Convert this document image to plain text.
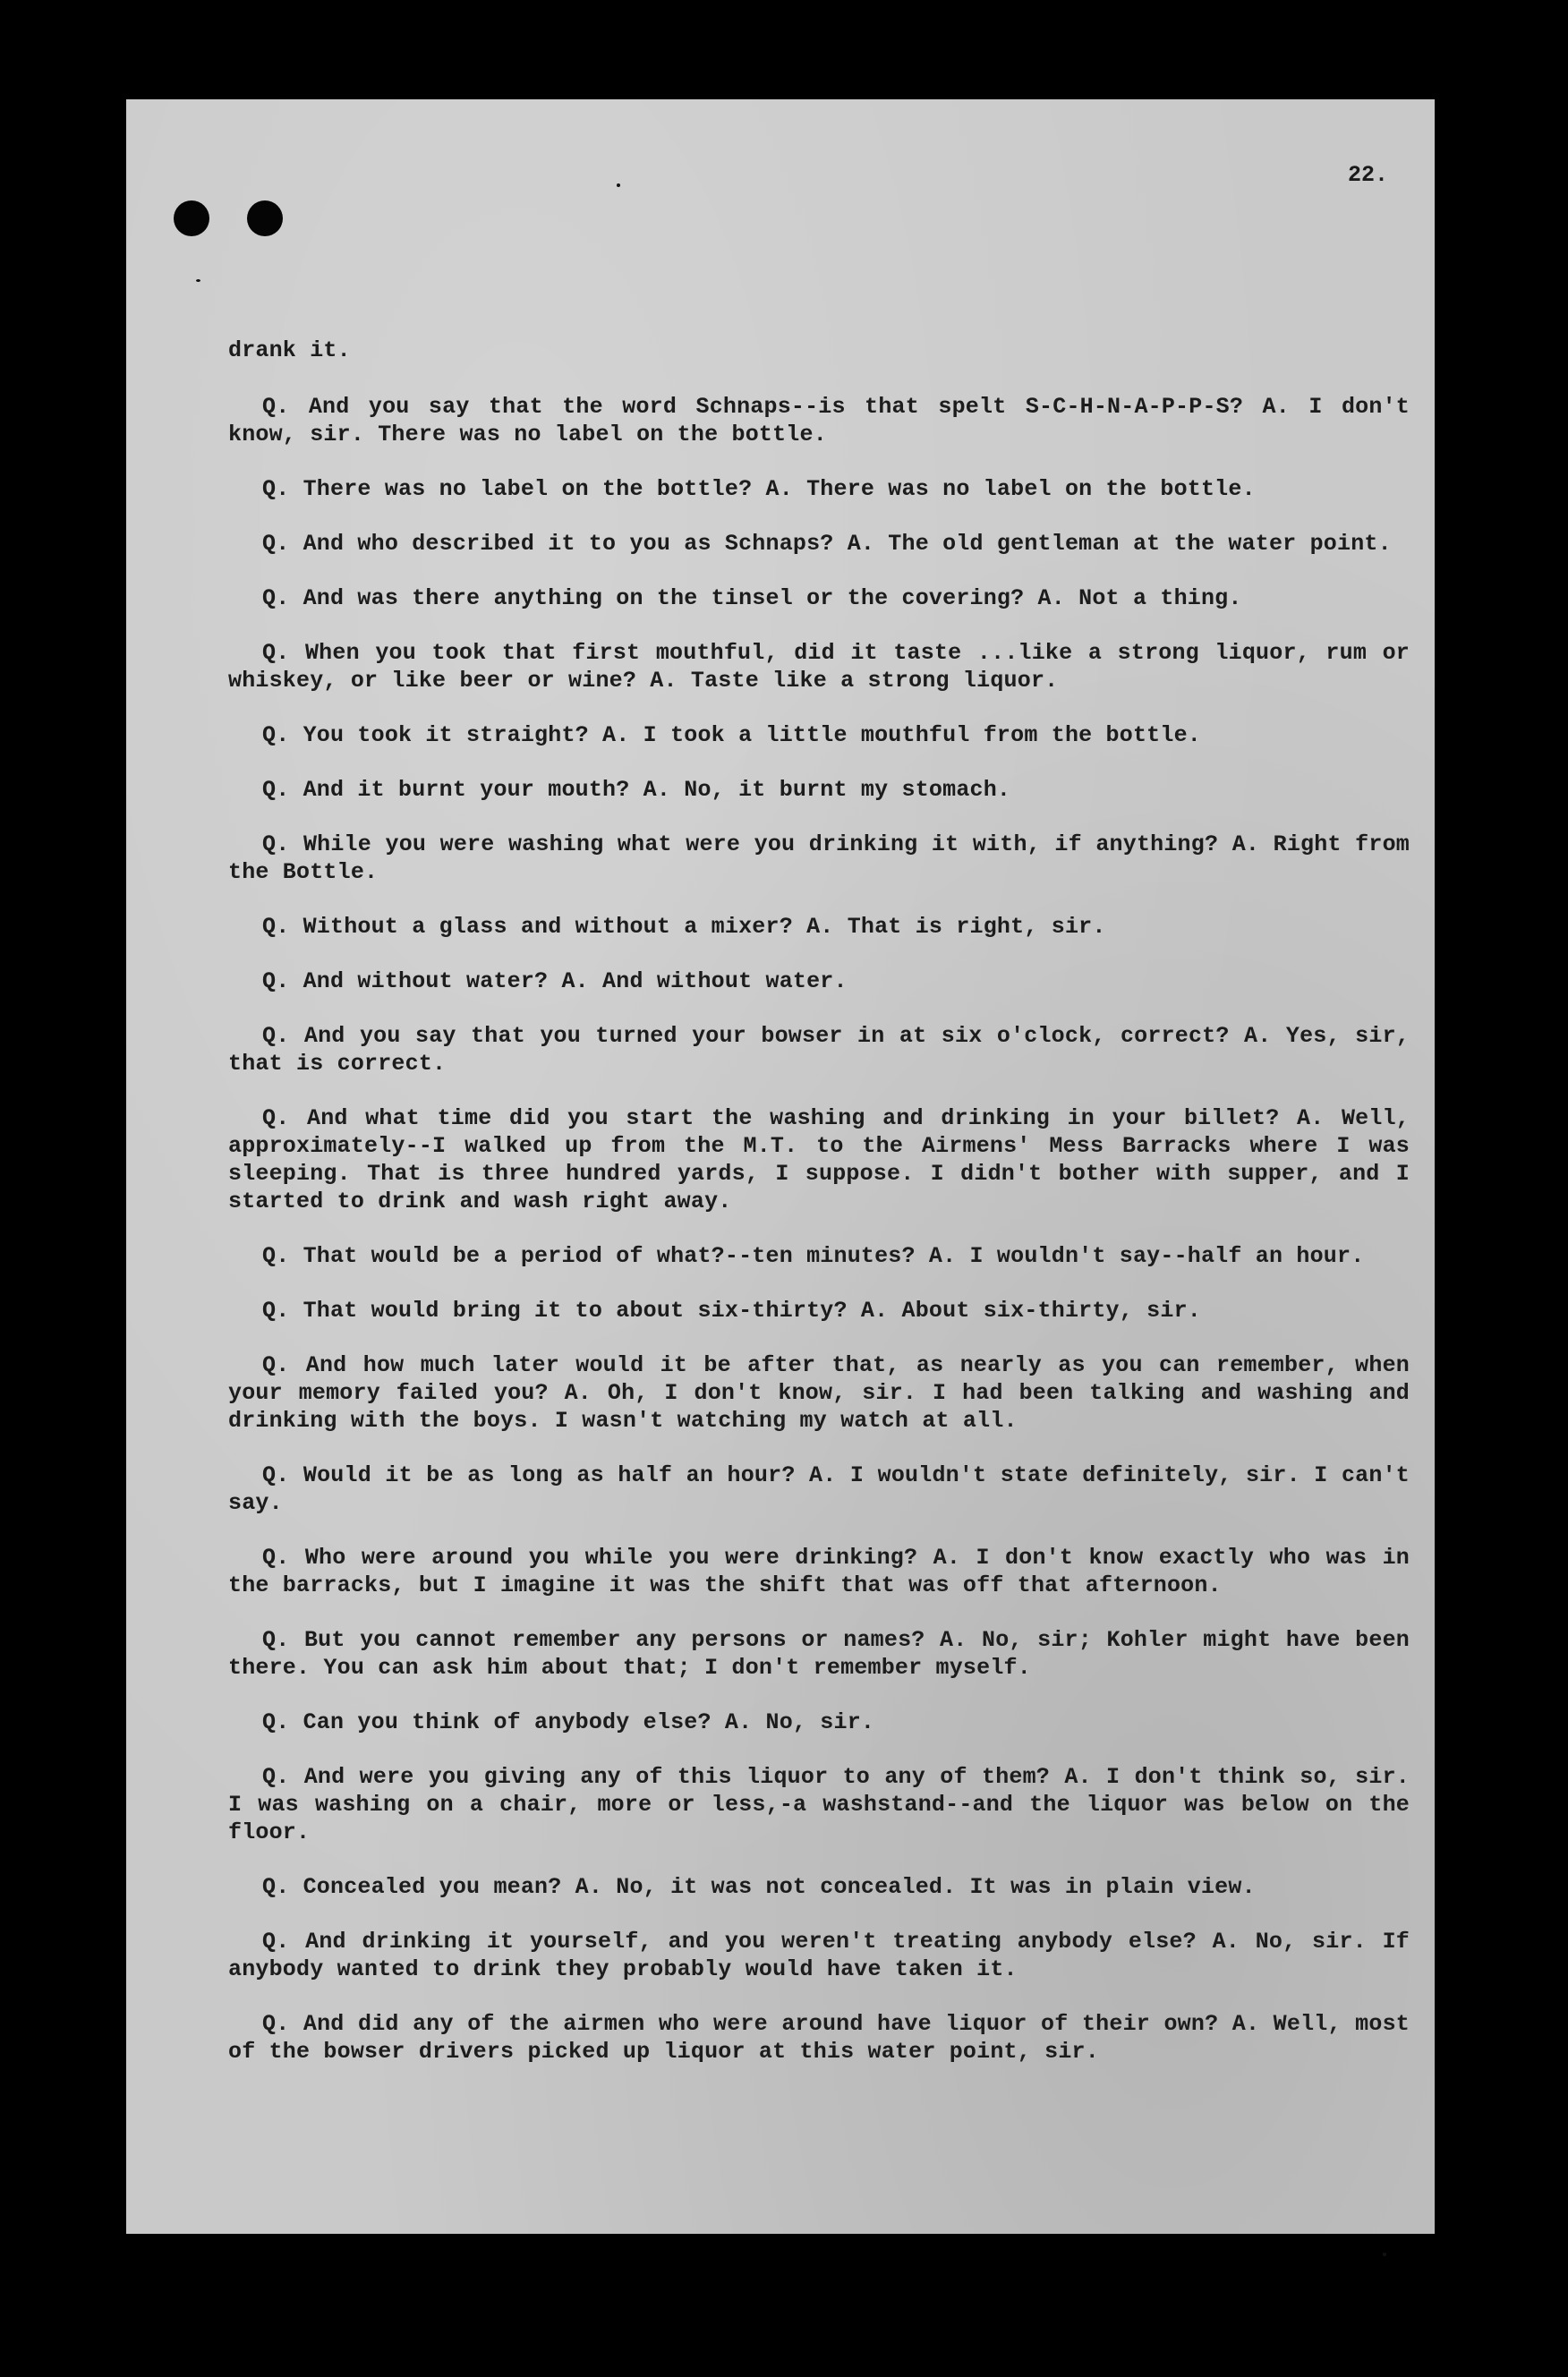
22.

drank it.

Q. And you say that the word Schnaps--is that spelt S-C-H-N-A-P-P-S? A. I don't know, sir. There was no label on the bottle.

Q. There was no label on the bottle? A. There was no label on the bottle.

Q. And who described it to you as Schnaps? A. The old gentleman at the water point.

Q. And was there anything on the tinsel or the covering? A. Not a thing.

Q. When you took that first mouthful, did it taste ...like a strong liquor, rum or whiskey, or like beer or wine? A. Taste like a strong liquor.

Q. You took it straight? A. I took a little mouthful from the bottle.

Q. And it burnt your mouth? A. No, it burnt my stomach.

Q. While you were washing what were you drinking it with, if anything? A. Right from the Bottle.

Q. Without a glass and without a mixer? A. That is right, sir.

Q. And without water? A. And without water.

Q. And you say that you turned your bowser in at six o'clock, correct? A. Yes, sir, that is correct.

Q. And what time did you start the washing and drinking in your billet? A. Well, approximately--I walked up from the M.T. to the Airmens' Mess Barracks where I was sleeping. That is three hundred yards, I suppose. I didn't bother with supper, and I started to drink and wash right away.

Q. That would be a period of what?--ten minutes? A. I wouldn't say--half an hour.

Q. That would bring it to about six-thirty? A. About six-thirty, sir.

Q. And how much later would it be after that, as nearly as you can remember, when your memory failed you? A. Oh, I don't know, sir. I had been talking and washing and drinking with the boys. I wasn't watching my watch at all.

Q. Would it be as long as half an hour? A. I wouldn't state definitely, sir. I can't say.

Q. Who were around you while you were drinking? A. I don't know exactly who was in the barracks, but I imagine it was the shift that was off that afternoon.

Q. But you cannot remember any persons or names? A. No, sir; Kohler might have been there. You can ask him about that; I don't remember myself.

Q. Can you think of anybody else? A. No, sir.

Q. And were you giving any of this liquor to any of them? A. I don't think so, sir. I was washing on a chair, more or less,-a washstand--and the liquor was below on the floor.

Q. Concealed you mean? A. No, it was not concealed. It was in plain view.

Q. And drinking it yourself, and you weren't treating anybody else? A. No, sir. If anybody wanted to drink they probably would have taken it.

Q. And did any of the airmen who were around have liquor of their own? A. Well, most of the bowser drivers picked up liquor at this water point, sir.
